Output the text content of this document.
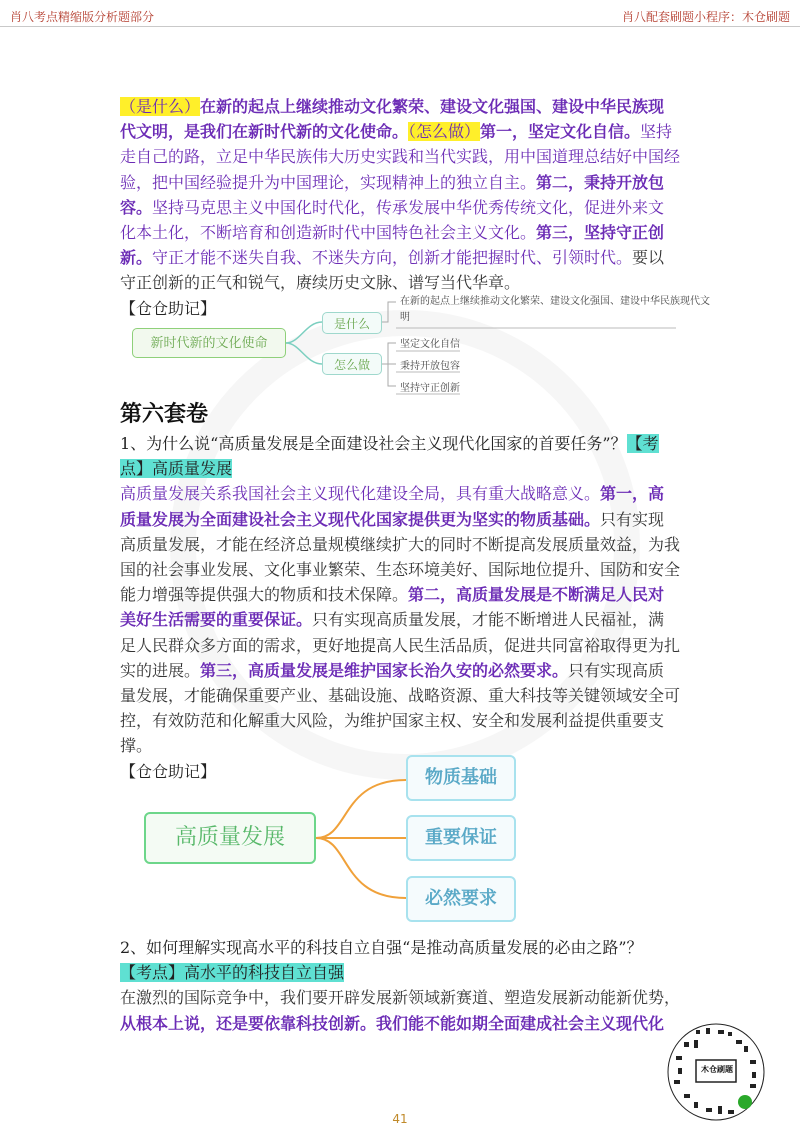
肖八考点精缩版分析题部分	肖八配套刷题小程序：木仓刷题
（是什么）在新的起点上继续推动文化繁荣、建设文化强国、建设中华民族现代文明，是我们在新时代新的文化使命。（怎么做）第一，坚定文化自信。坚持走自己的路，立足中华民族伟大历史实践和当代实践，用中国道理总结好中国经验，把中国经验提升为中国理论，实现精神上的独立自主。第二，秉持开放包容。坚持马克思主义中国化时代化，传承发展中华优秀传统文化，促进外来文化本土化，不断培育和创造新时代中国特色社会主义文化。第三，坚持守正创新。守正才能不迷失自我、不迷失方向，创新才能把握时代、引领时代。要以守正创新的正气和锐气，赓续历史文脉、谱写当代华章。
【仓仓助记】
新时代新的文化使命
是什么
怎么做
在新的起点上继续推动文化繁荣、建设文化强国、建设中华民族现代文
明
坚定文化自信
秉持开放包容
坚持守正创新
第六套卷
1、为什么说“高质量发展是全面建设社会主义现代化国家的首要任务”？【考点】高质量发展
高质量发展关系我国社会主义现代化建设全局，具有重大战略意义。第一，高质量发展为全面建设社会主义现代化国家提供更为坚实的物质基础。只有实现高质量发展，才能在经济总量规模继续扩大的同时不断提高发展质量效益，为我国的社会事业发展、文化事业繁荣、生态环境美好、国际地位提升、国防和安全能力增强等提供强大的物质和技术保障。第二，高质量发展是不断满足人民对美好生活需要的重要保证。只有实现高质量发展，才能不断增进人民福祉，满足人民群众多方面的需求，更好地提高人民生活品质，促进共同富裕取得更为扎实的进展。第三，高质量发展是维护国家长治久安的必然要求。只有实现高质量发展，才能确保重要产业、基础设施、战略资源、重大科技等关键领域安全可控，有效防范和化解重大风险，为维护国家主权、安全和发展利益提供重要支撑。
【仓仓助记】
高质量发展
物质基础
重要保证
必然要求
2、如何理解实现高水平的科技自立自强“是推动高质量发展的必由之路”？
【考点】高水平的科技自立自强
在激烈的国际竞争中，我们要开辟发展新领域新赛道、塑造发展新动能新优势，从根本上说，还是要依靠科技创新。我们能不能如期全面建成社会主义现代化
木仓刷题
41
